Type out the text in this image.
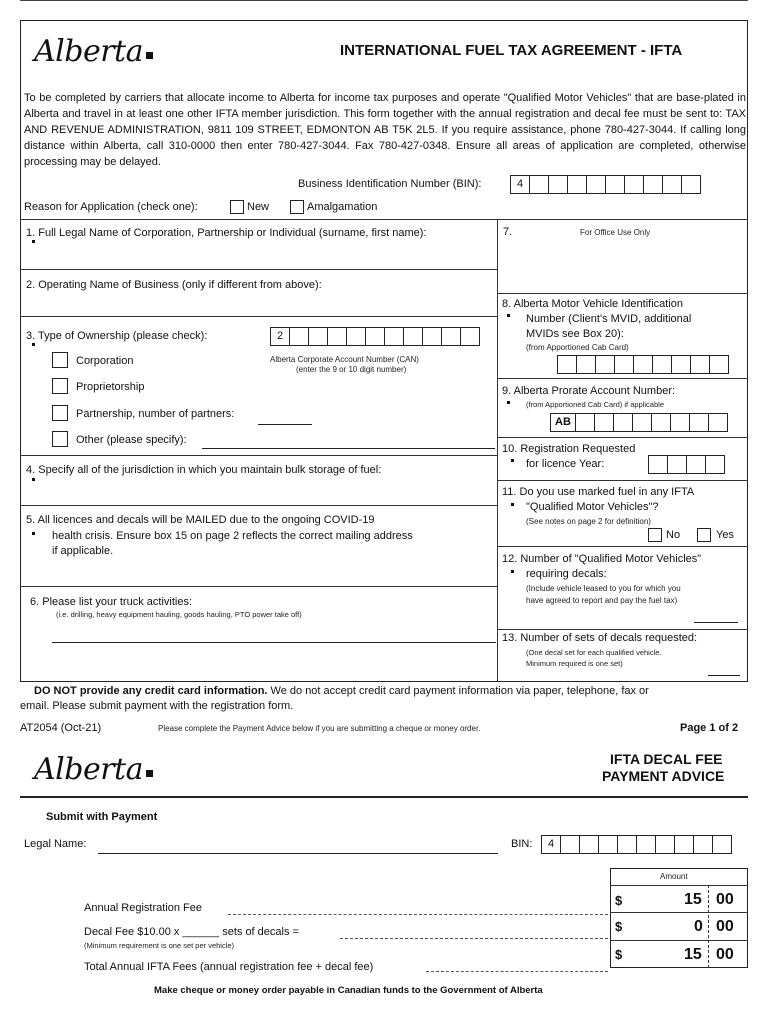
Alberta	INTERNATIONAL FUEL TAX AGREEMENT - IFTA
To be completed by carriers that allocate income to Alberta for income tax purposes and operate "Qualified Motor Vehicles" that are base-plated in Alberta and travel in at least one other IFTA member jurisdiction. This form together with the annual registration and decal fee must be sent to: TAX AND REVENUE ADMINISTRATION, 9811 109 STREET, EDMONTON AB T5K 2L5. If you require assistance, phone 780-427-3044. If calling long distance within Alberta, call 310-0000 then enter 780-427-3044. Fax 780-427-0348. Ensure all areas of application are completed, otherwise processing may be delayed.
Business Identification Number (BIN):	4
Reason for Application (check one):	New	Amalgamation
1. Full Legal Name of Corporation, Partnership or Individual (surname, first name):
2. Operating Name of Business (only if different from above):
3. Type of Ownership (please check):	2
Alberta Corporate Account Number (CAN)
(enter the 9 or 10 digit number)
Corporation
Proprietorship
Partnership, number of partners:
Other (please specify):
4. Specify all of the jurisdiction in which you maintain bulk storage of fuel:
5. All licences and decals will be MAILED due to the ongoing COVID-19
health crisis. Ensure box 15 on page 2 reflects the correct mailing address
if applicable.
6. Please list your truck activities:
(i.e. drilling, heavy equipment hauling, goods hauling, PTO power take off)
7.	For Office Use Only
8. Alberta Motor Vehicle Identification
Number (Client's MVID, additional
MVIDs see Box 20):
(from Apportioned Cab Card)
9. Alberta Prorate Account Number:
(from Apportioned Cab Card) if applicable
AB
10. Registration Requested
for licence Year:
11. Do you use marked fuel in any IFTA
"Qualified Motor Vehicles"?
(See notes on page 2 for definition)
No	Yes
12. Number of "Qualified Motor Vehicles"
requiring decals:
(Include vehicle leased to you for which you
have agreed to report and pay the fuel tax)
13. Number of sets of decals requested:
(One decal set for each qualified vehicle.
Minimum required is one set)
DO NOT provide any credit card information. We do not accept credit card payment information via paper, telephone, fax or
email. Please submit payment with the registration form.
AT2054 (Oct-21)	Please complete the Payment Advice below if you are submitting a cheque or money order.	Page 1 of 2
Alberta	IFTA DECAL FEE
PAYMENT ADVICE
Submit with Payment
Legal Name:	BIN:	4
Amount
Annual Registration Fee	$	15 00
Decal Fee $10.00 x ______ sets of decals =
(Minimum requirement is one set per vehicle)
$	0 00
Total Annual IFTA Fees (annual registration fee + decal fee)
$	15 00
Make cheque or money order payable in Canadian funds to the Government of Alberta
